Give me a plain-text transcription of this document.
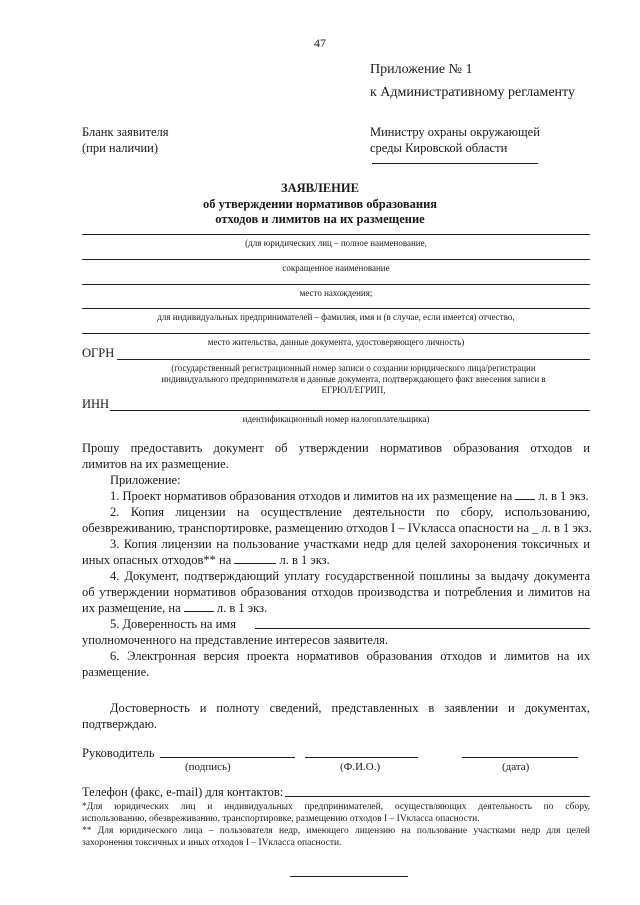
47
Приложение № 1
к Административному регламенту
Бланк заявителя
(при наличии)
Министру охраны окружающей
среды Кировской области
ЗАЯВЛЕНИЕ
об утверждении нормативов образования
отходов и лимитов на их размещение
(для юридических лиц – полное наименование,
сокращенное наименование
место нахождения;
для индивидуальных предпринимателей – фамилия, имя и (в случае, если имеется) отчество,
место жительства, данные документа, удостоверяющего личность)
ОГРН
(государственный регистрационный номер записи о создании юридического лица/регистрации
индивидуального предпринимателя и данные документа, подтверждающего факт внесения записи в
ЕГРЮЛ/ЕГРИП,
ИНН
идентификационный номер налогоплательщика)
Прошу предоставить документ об утверждении нормативов образования отходов и
лимитов на их размещение.
Приложение:
1. Проект нормативов образования отходов и лимитов на их размещение на л. в 1 экз.
2. Копия лицензии на осуществление деятельности по сбору, использованию,
обезвреживанию, транспортировке, размещению отходов I – IVкласса опасности на _ л. в 1 экз.
3. Копия лицензии на пользование участками недр для целей захоронения токсичных и
иных опасных отходов** на	л. в 1 экз.
4. Документ, подтверждающий уплату государственной пошлины за выдачу документа
об утверждении нормативов образования отходов производства и потребления и лимитов на
их размещение, на	л. в 1 экз.
5. Доверенность на имя
уполномоченного на представление интересов заявителя.
6. Электронная версия проекта нормативов образования отходов и лимитов на их
размещение.
Достоверность и полноту сведений, представленных в заявлении и документах,
подтверждаю.
Руководитель
(подпись)	(Ф.И.О.)	(дата)
Телефон (факс, e-mail) для контактов:
*Для юридических лиц и индивидуальных предпринимателей, осуществляющих деятельность по сбору,
использованию, обезвреживанию, транспортировке, размещению отходов I – IVкласса опасности.
** Для юридического лица – пользователя недр, имеющего лицензию на пользование участками недр для целей
захоронения токсичных и иных отходов I – IVкласса опасности.
